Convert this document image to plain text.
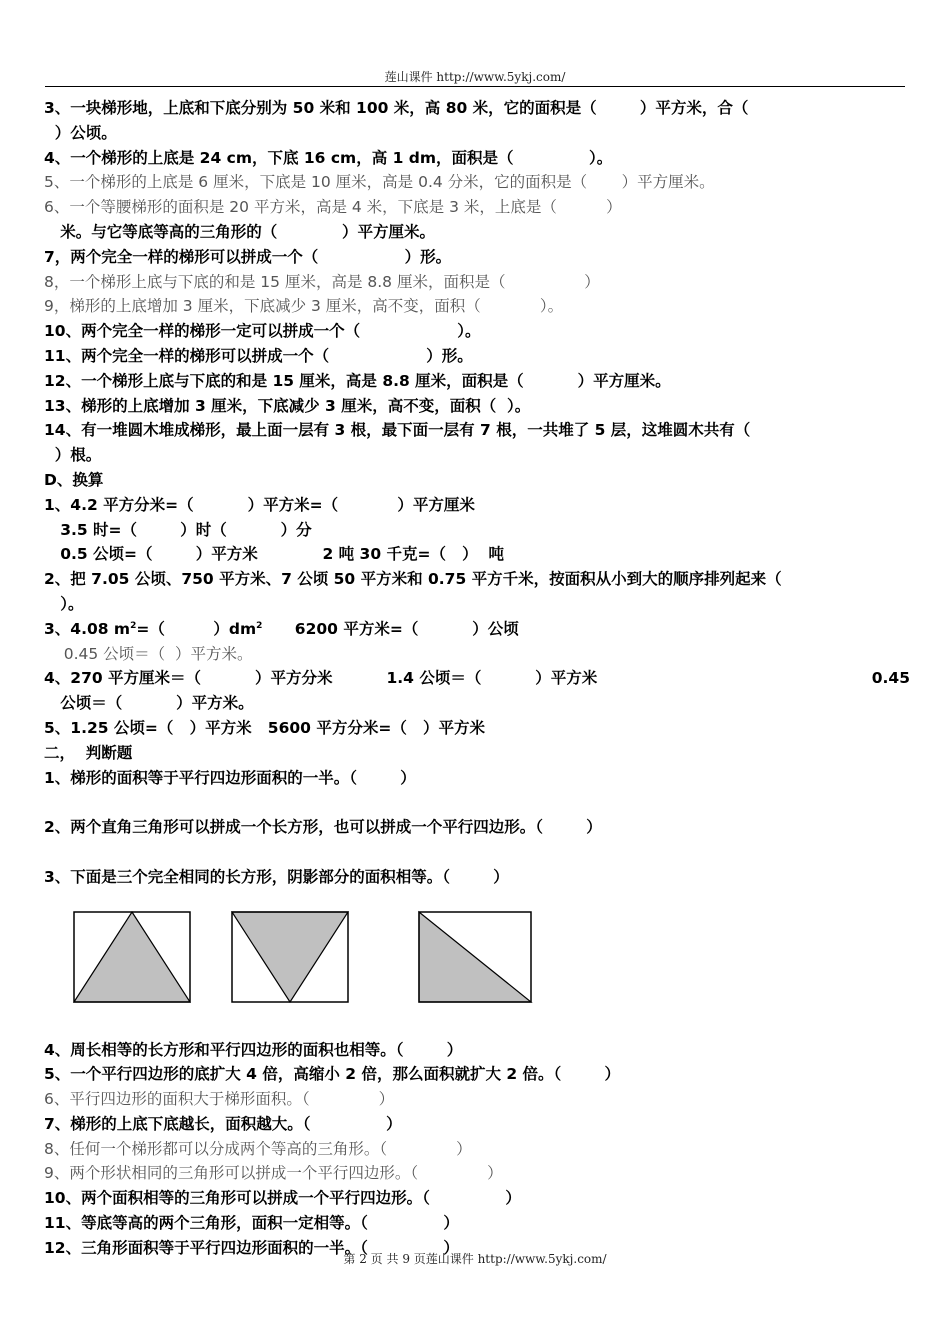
莲山课件 http://www.5ykj.com/
3、一块梯形地，上底和下底分别为 50 米和 100 米，高 80 米，它的面积是（        ）平方米，合（
）公顷。
4、一个梯形的上底是 24 cm，下底 16 cm，高 1 dm，面积是（              ）。
5、一个梯形的上底是 6 厘米，下底是 10 厘米，高是 0.4 分米，它的面积是（       ）平方厘米。
6、一个等腰梯形的面积是 20 平方米，高是 4 米，下底是 3 米，上底是（          ）
米。与它等底等高的三角形的（            ）平方厘米。
7，两个完全一样的梯形可以拼成一个（                ）形。
8，一个梯形上底与下底的和是 15 厘米，高是 8.8 厘米，面积是（                ）
9，梯形的上底增加 3 厘米，下底减少 3 厘米，高不变，面积（            ）。
10、两个完全一样的梯形一定可以拼成一个（                  ）。
11、两个完全一样的梯形可以拼成一个（                  ）形。
12、一个梯形上底与下底的和是 15 厘米，高是 8.8 厘米，面积是（          ）平方厘米。
13、梯形的上底增加 3 厘米，下底减少 3 厘米，高不变，面积（  ）。
14、有一堆圆木堆成梯形，最上面一层有 3 根，最下面一层有 7 根，一共堆了 5 层，这堆圆木共有（
）根。
D、换算
1、4.2 平方分米=（          ）平方米=（           ）平方厘米
3.5 时=（        ）时（          ）分
0.5 公顷=（        ）平方米            2 吨 30 千克=（   ）  吨
2、把 7.05 公顷、750 平方米、7 公顷 50 平方米和 0.75 平方千米，按面积从小到大的顺序排列起来（
）。
3、4.08 $m^2=$（         ）$dm^2$      6200 平方米=（          ）公顷
0.45 公顷＝（  ）平方米。
4、270 平方厘米＝（          ）平方分米          1.4 公顷＝（          ）平方米	0.45
公顷＝（          ）平方米。
5、1.25 公顷=（   ）平方米   5600 平方分米=（   ）平方米
二，  判断题
1、梯形的面积等于平行四边形面积的一半。（        ）
2、两个直角三角形可以拼成一个长方形，也可以拼成一个平行四边形。（        ）
3、下面是三个完全相同的长方形，阴影部分的面积相等。（        ）

4、周长相等的长方形和平行四边形的面积也相等。（        ）
5、一个平行四边形的底扩大 4 倍，高缩小 2 倍，那么面积就扩大 2 倍。（        ）
6、平行四边形的面积大于梯形面积。（              ）
7、梯形的上底下底越长，面积越大。（              ）
8、任何一个梯形都可以分成两个等高的三角形。（              ）
9、两个形状相同的三角形可以拼成一个平行四边形。（              ）
10、两个面积相等的三角形可以拼成一个平行四边形。（              ）
11、等底等高的两个三角形，面积一定相等。（              ）
12、三角形面积等于平行四边形面积的一半。（              ）
第 2 页 共 9 页莲山课件 http://www.5ykj.com/
